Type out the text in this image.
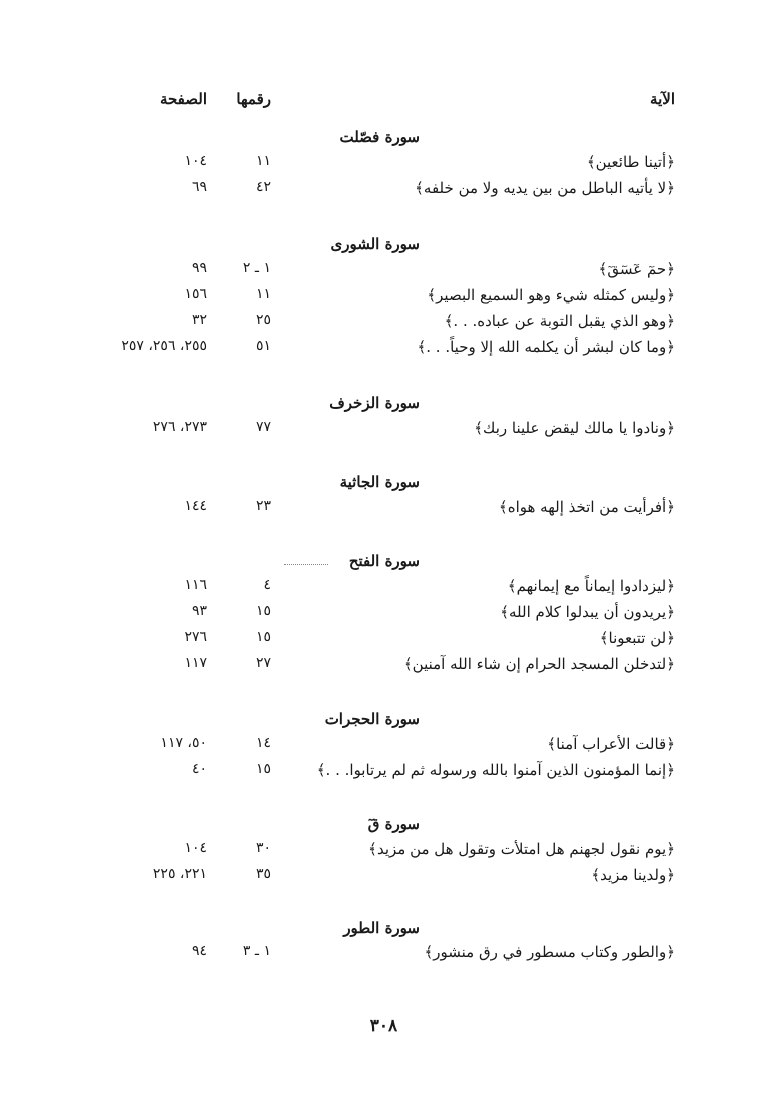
الآية
رقمها
الصفحة
سورة فصّلت
﴿أتينا طائعين﴾
١١
١٠٤
﴿لا يأتيه الباطل من بين يديه ولا من خلفه﴾
٤٢
٦٩
سورة الشورى
﴿حمٓ عٓسٓقٓ﴾
١ ـ ٢
٩٩
﴿وليس كمثله شيء وهو السميع البصير﴾
١١
١٥٦
﴿وهو الذي يقبل التوبة عن عباده. . .﴾
٢٥
٣٢
﴿وما كان لبشر أن يكلمه الله إلا وحياً. . .﴾
٥١
٢٥٥، ٢٥٦، ٢٥٧
سورة الزخرف
﴿ونادوا يا مالك ليقض علينا ربك﴾
٧٧
٢٧٣، ٢٧٦
سورة الجاثية
﴿أفرأيت من اتخذ إلهه هواه﴾
٢٣
١٤٤
سورة الفتح
﴿ليزدادوا إيماناً مع إيمانهم﴾
٤
١١٦
﴿يريدون أن يبدلوا كلام الله﴾
١٥
٩٣
﴿لن تتبعونا﴾
١٥
٢٧٦
﴿لتدخلن المسجد الحرام إن شاء الله آمنين﴾
٢٧
١١٧
سورة الحجرات
﴿قالت الأعراب آمنا﴾
١٤
٥٠، ١١٧
﴿إنما المؤمنون الذين آمنوا بالله ورسوله ثم لم يرتابوا. . .﴾
١٥
٤٠
سورة قٓ
﴿يوم نقول لجهنم هل امتلأت وتقول هل من مزيد﴾
٣٠
١٠٤
﴿ولدينا مزيد﴾
٣٥
٢٢١، ٢٢٥
سورة الطور
﴿والطور وكتاب مسطور في رق منشور﴾
١ ـ ٣
٩٤
٣٠٨
